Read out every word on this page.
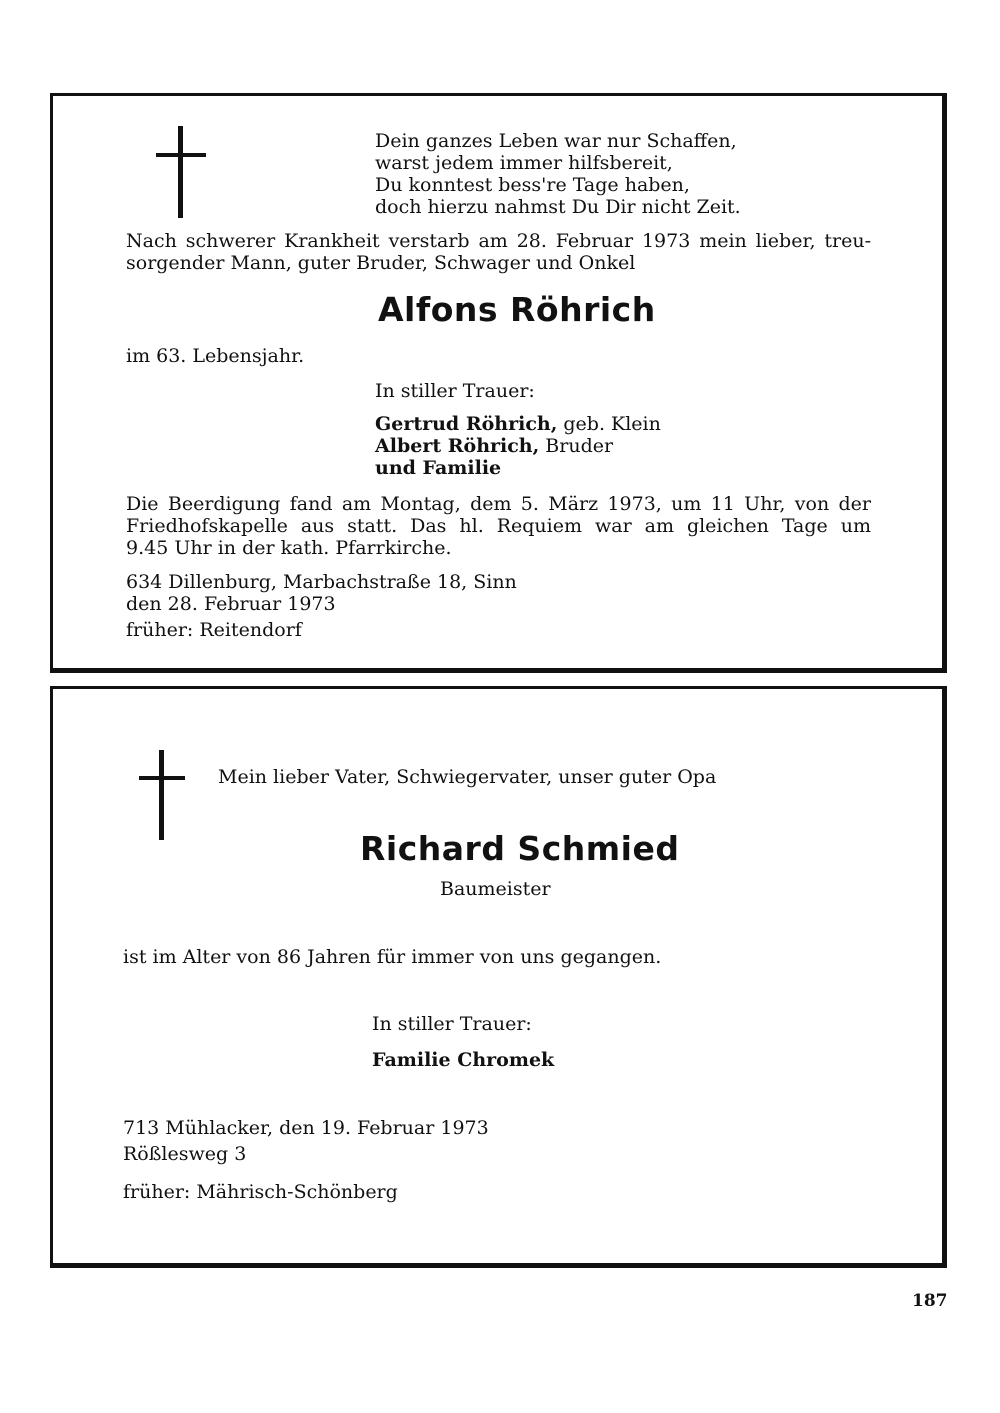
Dein ganzes Leben war nur Schaffen,

warst jedem immer hilfsbereit,

Du konntest bess're Tage haben,

doch hierzu nahmst Du Dir nicht Zeit.

Nach schwerer Krankheit verstarb am 28. Februar 1973 mein lieber, treu-

sorgender Mann, guter Bruder, Schwager und Onkel

Alfons Röhrich
im 63. Lebensjahr.
In stiller Trauer:

Gertrud Röhrich, geb. Klein

Albert Röhrich, Bruder

und Familie

Die Beerdigung fand am Montag, dem 5. März 1973, um 11 Uhr, von der

Friedhofskapelle aus statt. Das hl. Requiem war am gleichen Tage um

9.45 Uhr in der kath. Pfarrkirche.

634 Dillenburg, Marbachstraße 18, Sinn

den 28. Februar 1973

früher: Reitendorf

Mein lieber Vater, Schwiegervater, unser guter Opa
Richard Schmied
Baumeister
ist im Alter von 86 Jahren für immer von uns gegangen.
In stiller Trauer:
Familie Chromek

713 Mühlacker, den 19. Februar 1973

Rößlesweg 3

früher: Mährisch-Schönberg

187
